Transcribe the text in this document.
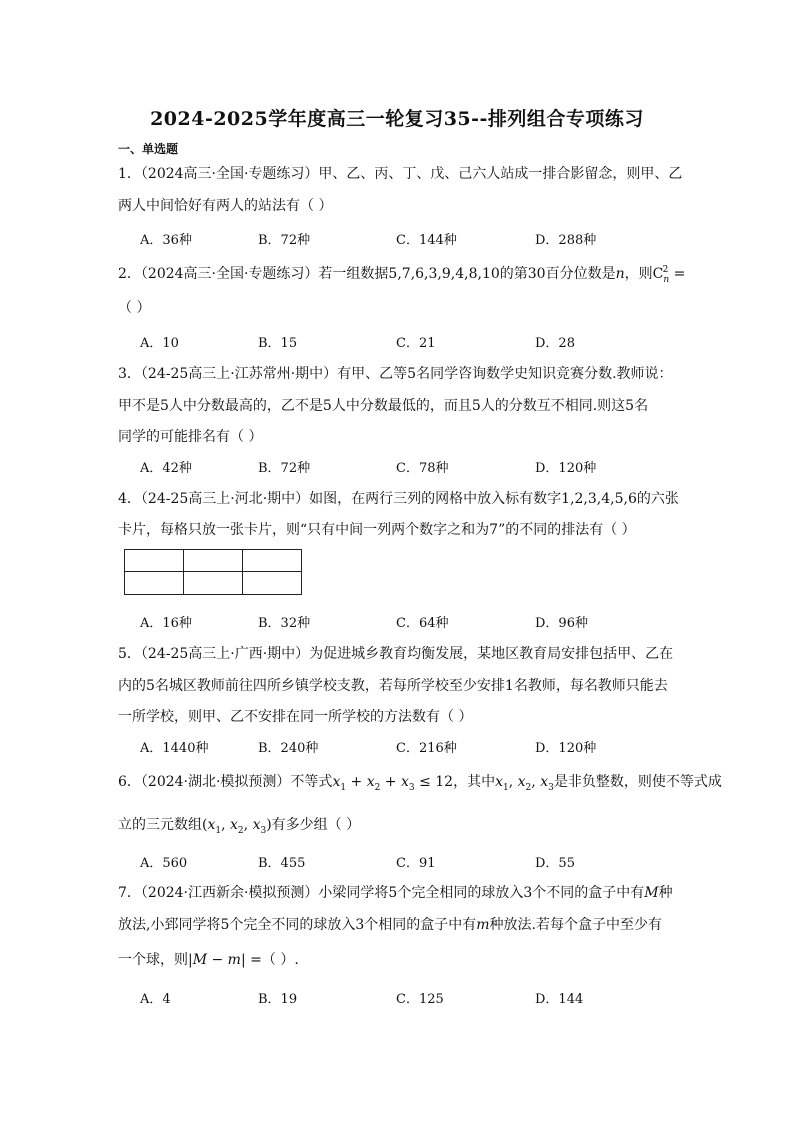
2024-2025学年度高三一轮复习35--排列组合专项练习
一、单选题
1．（2024高三·全国·专题练习）甲、乙、丙、丁、戊、己六人站成一排合影留念，则甲、乙
两人中间恰好有两人的站法有（ ）
A．36种	B．72种	C．144种	D．288种
2．（2024高三·全国·专题练习）若一组数据5,7,6,3,9,4,8,10的第30百分位数是n，则C 2
$_n$ =
（ ）
A．10	B．15	C．21	D．28
3．（24-25高三上·江苏常州·期中）有甲、乙等5名同学咨询数学史知识竞赛分数.教师说：
甲不是5人中分数最高的，乙不是5人中分数最低的，而且5人的分数互不相同.则这5名
同学的可能排名有（ ）
A．42种	B．72种	C．78种	D．120种
4．（24-25高三上·河北·期中）如图，在两行三列的网格中放入标有数字1,2,3,4,5,6的六张
卡片，每格只放一张卡片，则“只有中间一列两个数字之和为7”的不同的排法有（ ）
A．16种	B．32种	C．64种	D．96种
5．（24-25高三上·广西·期中）为促进城乡教育均衡发展，某地区教育局安排包括甲、乙在
内的5名城区教师前往四所乡镇学校支教，若每所学校至少安排1名教师，每名教师只能去
一所学校，则甲、乙不安排在同一所学校的方法数有（ ）
A．1440种	B．240种	C．216种	D．120种
6．（2024·湖北·模拟预测）不等式$x_1 + x_2 + x_3 \le 12$，其中$x_1$, $x_2$, $x_3$是非负整数，则使不等式成
立的三元数组($x_1$, $x_2$, $x_3$)有多少组（ ）
A．560	B．455	C．91	D．55
7．（2024·江西新余·模拟预测）小梁同学将5个完全相同的球放入3个不同的盒子中有M种
放法,小郅同学将5个完全不同的球放入3个相同的盒子中有m种放法.若每个盒子中至少有
一个球，则|M − m| =（ ）.
A．4	B．19	C．125	D．144
